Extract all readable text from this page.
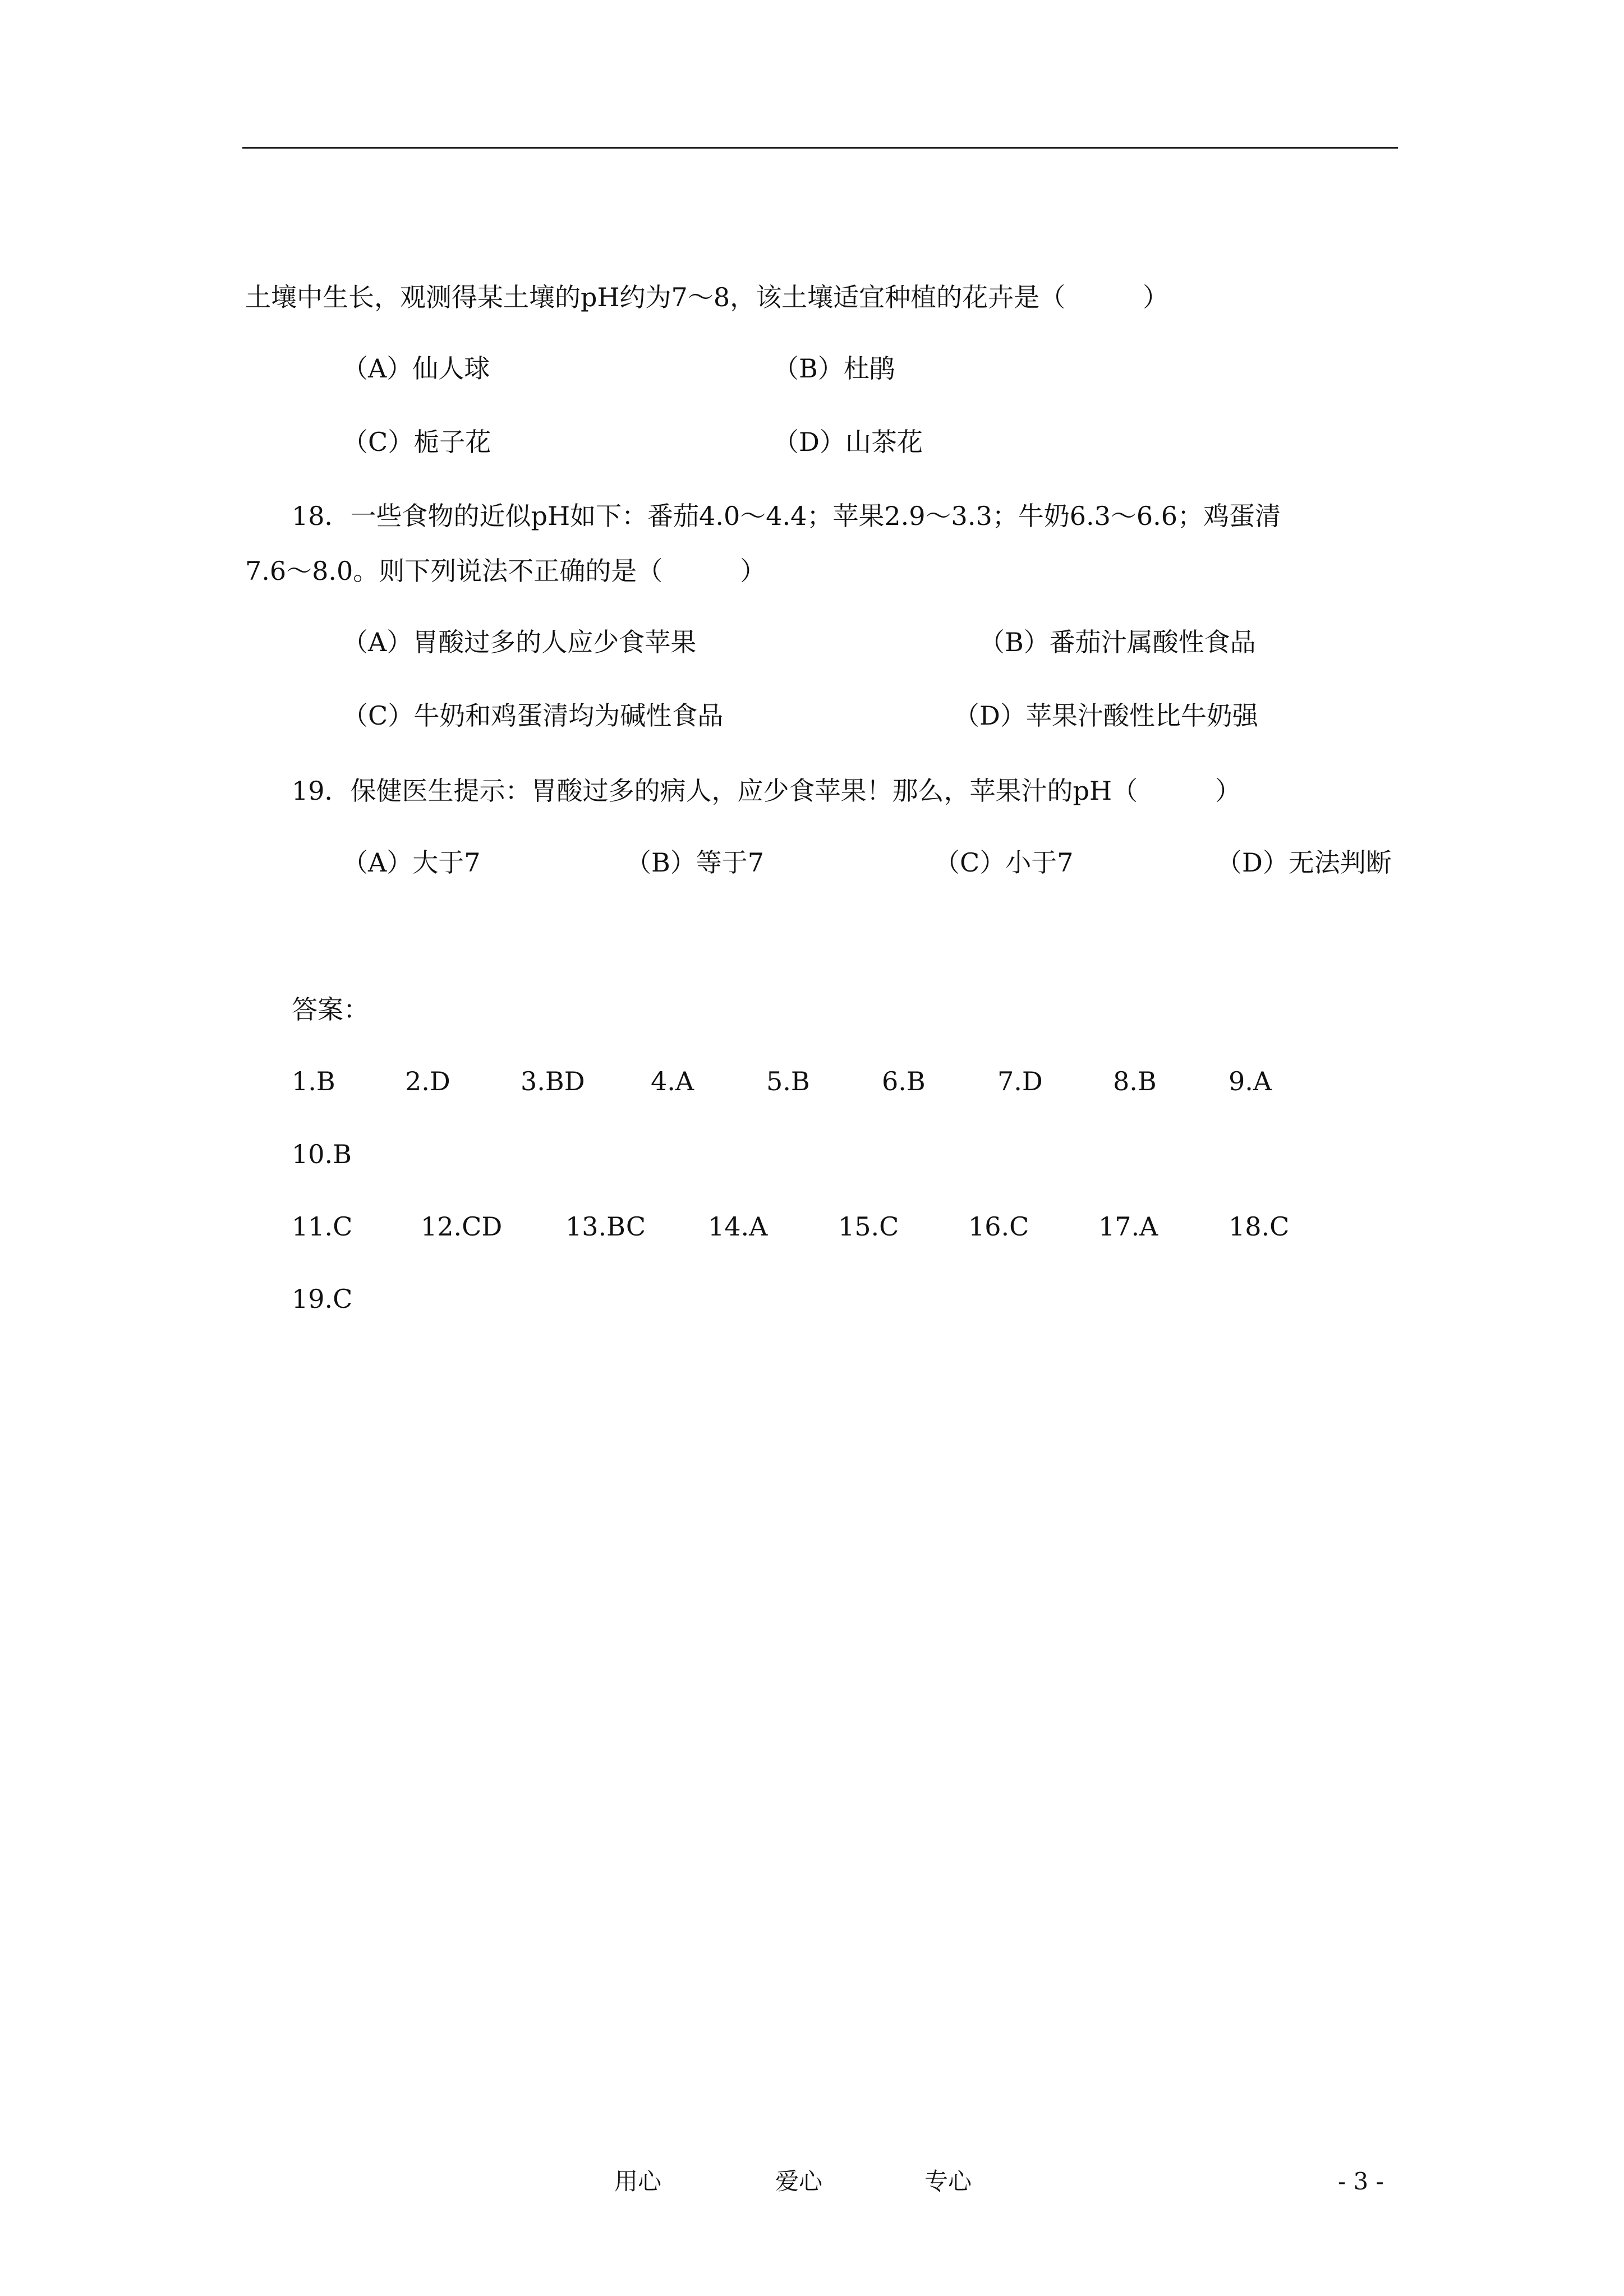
土壤中生长，观测得某土壤的pH约为7～8，该土壤适宜种植的花卉是（　　　）
（A）仙人球	（B）杜鹃
（C）栀子花	（D）山茶花
18．一些食物的近似pH如下：番茄4.0～4.4；苹果2.9～3.3；牛奶6.3～6.6；鸡蛋清
7.6～8.0。则下列说法不正确的是（　　　）
（A）胃酸过多的人应少食苹果	（B）番茄汁属酸性食品
（C）牛奶和鸡蛋清均为碱性食品	（D）苹果汁酸性比牛奶强
19．保健医生提示：胃酸过多的病人，应少食苹果！那么，苹果汁的pH（　　　）
（A）大于7	（B）等于7	（C）小于7	（D）无法判断
答案：
1.B	2.D	3.BD	4.A	5.B	6.B	7.D	8.B	9.A
10.B
11.C	12.CD 13.BC 14.A	15.C	16.C	17.A	18.C
19.C
用心	爱心	专心	- 3 -
